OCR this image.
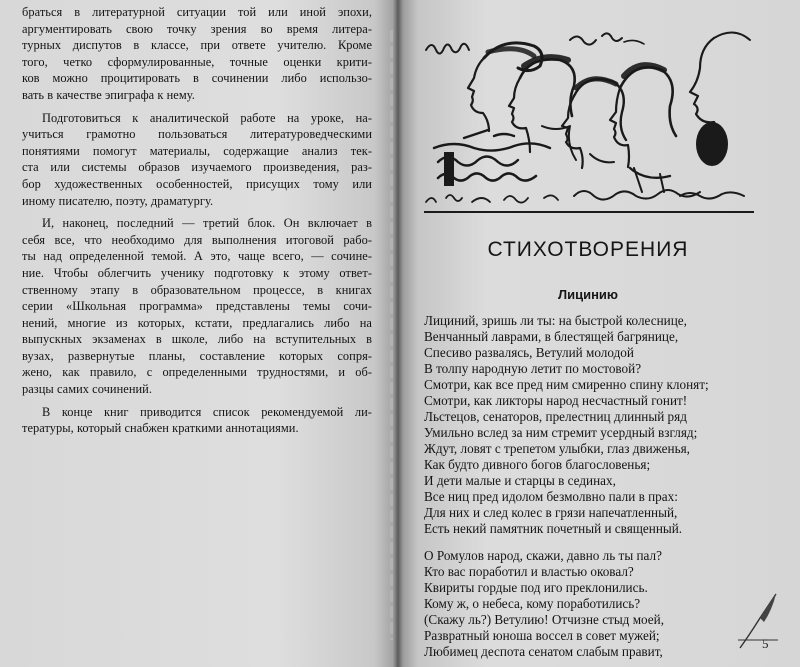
браться в литературной ситуации той или иной эпохи,
аргументировать свою точку зрения во время литера-
турных диспутов в классе, при ответе учителю. Кроме
того, четко сформулированные, точные оценки крити-
ков можно процитировать в сочинении либо использо-
вать в качестве эпиграфа к нему.

Подготовиться к аналитической работе на уроке, на-
учиться грамотно пользоваться литературоведческими
понятиями помогут материалы, содержащие анализ тек-
ста или системы образов изучаемого произведения, раз-
бор художественных особенностей, присущих тому или
иному писателю, поэту, драматургу.

И, наконец, последний — третий блок. Он включает в
себя все, что необходимо для выполнения итоговой рабо-
ты над определенной темой. А это, чаще всего, — сочине-
ние. Чтобы облегчить ученику подготовку к этому ответ-
ственному этапу в образовательном процессе, в книгах
серии «Школьная программа» представлены темы сочи-
нений, многие из которых, кстати, предлагались либо на
выпускных экзаменах в школе, либо на вступительных в
вузах, развернутые планы, составление которых сопря-
жено, как правило, с определенными трудностями, и об-
разцы самих сочинений.

В конце книг приводится список рекомендуемой ли-
тературы, который снабжен краткими аннотациями.

СТИХОТВОРЕНИЯ
Лицинию
Лициний, зришь ли ты: на быстрой колеснице,
Венчанный лаврами, в блестящей багрянице,
Спесиво развалясь, Ветулий молодой
В толпу народную летит по мостовой?
Смотри, как все пред ним смиренно спину клонят;
Смотри, как ликторы народ несчастный гонит!
Льстецов, сенаторов, прелестниц длинный ряд
Умильно вслед за ним стремит усердный взгляд;
Ждут, ловят с трепетом улыбки, глаз движенья,
Как будто дивного богов благословенья;
И дети малые и старцы в сединах,
Все ниц пред идолом безмолвно пали в прах:
Для них и след колес в грязи напечатленный,
Есть некий памятник почетный и священный.
О Ромулов народ, скажи, давно ль ты пал?
Кто вас поработил и властью оковал?
Квириты гордые под иго преклонились.
Кому ж, о небеса, кому поработились?
(Скажу ль?) Ветулию! Отчизне стыд моей,
Развратный юноша воссел в совет мужей;
Любимец деспота сенатом слабым правит,
5
